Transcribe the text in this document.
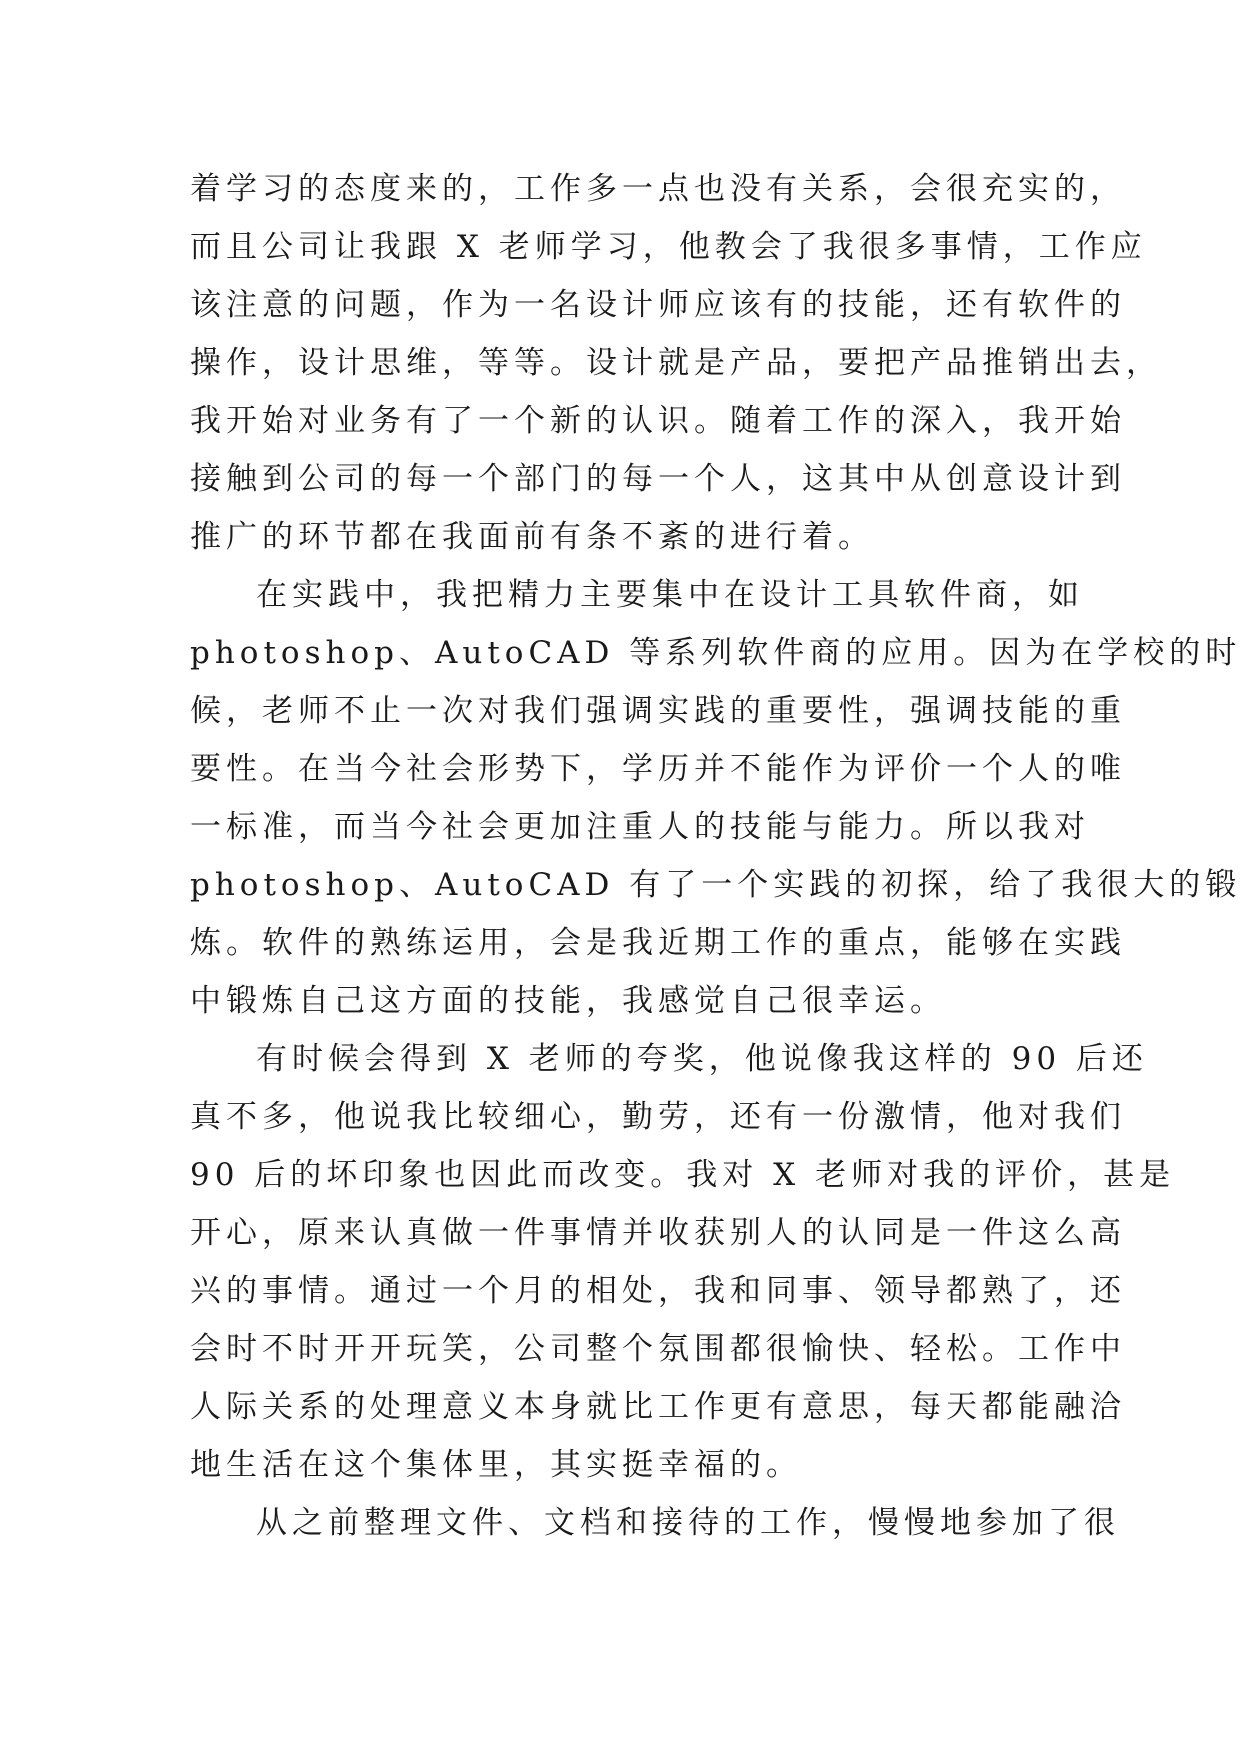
着学习的态度来的，工作多一点也没有关系，会很充实的，
而且公司让我跟 X 老师学习，他教会了我很多事情，工作应
该注意的问题，作为一名设计师应该有的技能，还有软件的
操作，设计思维，等等。设计就是产品，要把产品推销出去，
我开始对业务有了一个新的认识。随着工作的深入，我开始
接触到公司的每一个部门的每一个人，这其中从创意设计到
推广的环节都在我面前有条不紊的进行着。
在实践中，我把精力主要集中在设计工具软件商，如
photoshop、AutoCAD 等系列软件商的应用。因为在学校的时
候，老师不止一次对我们强调实践的重要性，强调技能的重
要性。在当今社会形势下，学历并不能作为评价一个人的唯
一标准，而当今社会更加注重人的技能与能力。所以我对
photoshop、AutoCAD 有了一个实践的初探，给了我很大的锻
炼。软件的熟练运用，会是我近期工作的重点，能够在实践
中锻炼自己这方面的技能，我感觉自己很幸运。
有时候会得到 X 老师的夸奖，他说像我这样的 90 后还
真不多，他说我比较细心，勤劳，还有一份激情，他对我们
90 后的坏印象也因此而改变。我对 X 老师对我的评价，甚是
开心，原来认真做一件事情并收获别人的认同是一件这么高
兴的事情。通过一个月的相处，我和同事、领导都熟了，还
会时不时开开玩笑，公司整个氛围都很愉快、轻松。工作中
人际关系的处理意义本身就比工作更有意思，每天都能融洽
地生活在这个集体里，其实挺幸福的。
从之前整理文件、文档和接待的工作，慢慢地参加了很
